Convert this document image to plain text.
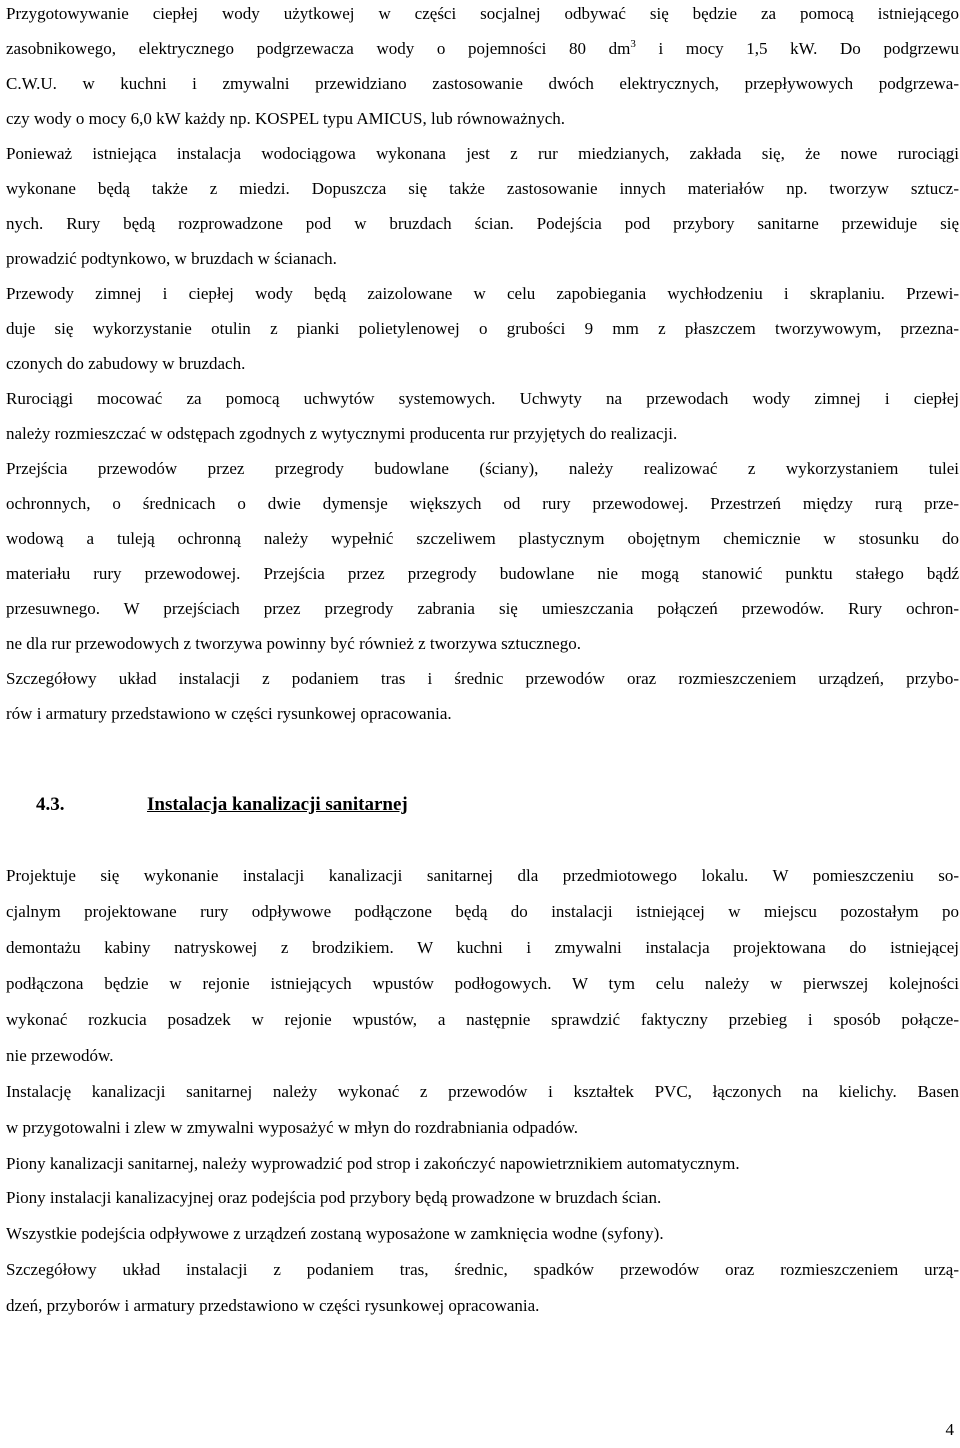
Przygotowywanie ciepłej wody użytkowej w części socjalnej odbywać się będzie za pomocą istniejącego
zasobnikowego, elektrycznego podgrzewacza wody o pojemności 80 $dm^3$ i mocy 1,5 kW. Do podgrzewu
C.W.U. w kuchni i zmywalni przewidziano zastosowanie dwóch elektrycznych, przepływowych podgrzewa-
czy wody o mocy 6,0 kW każdy np. KOSPEL typu AMICUS, lub równoważnych.
Ponieważ istniejąca instalacja wodociągowa wykonana jest z rur miedzianych, zakłada się, że nowe rurociągi
wykonane będą także z miedzi. Dopuszcza się także zastosowanie innych materiałów np. tworzyw sztucz-
nych. Rury będą rozprowadzone pod w bruzdach ścian. Podejścia pod przybory sanitarne przewiduje się
prowadzić podtynkowo, w bruzdach w ścianach.
Przewody zimnej i ciepłej wody będą zaizolowane w celu zapobiegania wychłodzeniu i skraplaniu. Przewi-
duje się wykorzystanie otulin z pianki polietylenowej o grubości 9 mm z płaszczem tworzywowym, przezna-
czonych do zabudowy w bruzdach.
Rurociągi mocować za pomocą uchwytów systemowych. Uchwyty na przewodach wody zimnej i ciepłej
należy rozmieszczać w odstępach zgodnych z wytycznymi producenta rur przyjętych do realizacji.
Przejścia przewodów przez przegrody budowlane (ściany), należy realizować z wykorzystaniem tulei
ochronnych, o średnicach o dwie dymensje większych od rury przewodowej. Przestrzeń między rurą prze-
wodową a tuleją ochronną należy wypełnić szczeliwem plastycznym obojętnym chemicznie w stosunku do
materiału rury przewodowej. Przejścia przez przegrody budowlane nie mogą stanowić punktu stałego bądź
przesuwnego. W przejściach przez przegrody zabrania się umieszczania połączeń przewodów. Rury ochron-
ne dla rur przewodowych z tworzywa powinny być również z tworzywa sztucznego.
Szczegółowy układ instalacji z podaniem tras i średnic przewodów oraz rozmieszczeniem urządzeń, przybo-
rów i armatury przedstawiono w części rysunkowej opracowania.
4.3.	Instalacja kanalizacji sanitarnej
Projektuje się wykonanie instalacji kanalizacji sanitarnej dla przedmiotowego lokalu. W pomieszczeniu so-
cjalnym projektowane rury odpływowe podłączone będą do instalacji istniejącej w miejscu pozostałym po
demontażu kabiny natryskowej z brodzikiem. W kuchni i zmywalni instalacja projektowana do istniejącej
podłączona będzie w rejonie istniejących wpustów podłogowych. W tym celu należy w pierwszej kolejności
wykonać rozkucia posadzek w rejonie wpustów, a następnie sprawdzić faktyczny przebieg i sposób połącze-
nie przewodów.
Instalację kanalizacji sanitarnej należy wykonać z przewodów i kształtek PVC, łączonych na kielichy. Basen
w przygotowalni i zlew w zmywalni wyposażyć w młyn do rozdrabniania odpadów.
Piony kanalizacji sanitarnej, należy wyprowadzić pod strop i zakończyć napowietrznikiem automatycznym.
Piony instalacji kanalizacyjnej oraz podejścia pod przybory będą prowadzone w bruzdach ścian.
Wszystkie podejścia odpływowe z urządzeń zostaną wyposażone w zamknięcia wodne (syfony).
Szczegółowy układ instalacji z podaniem tras, średnic, spadków przewodów oraz rozmieszczeniem urzą-
dzeń, przyborów i armatury przedstawiono w części rysunkowej opracowania.
4
